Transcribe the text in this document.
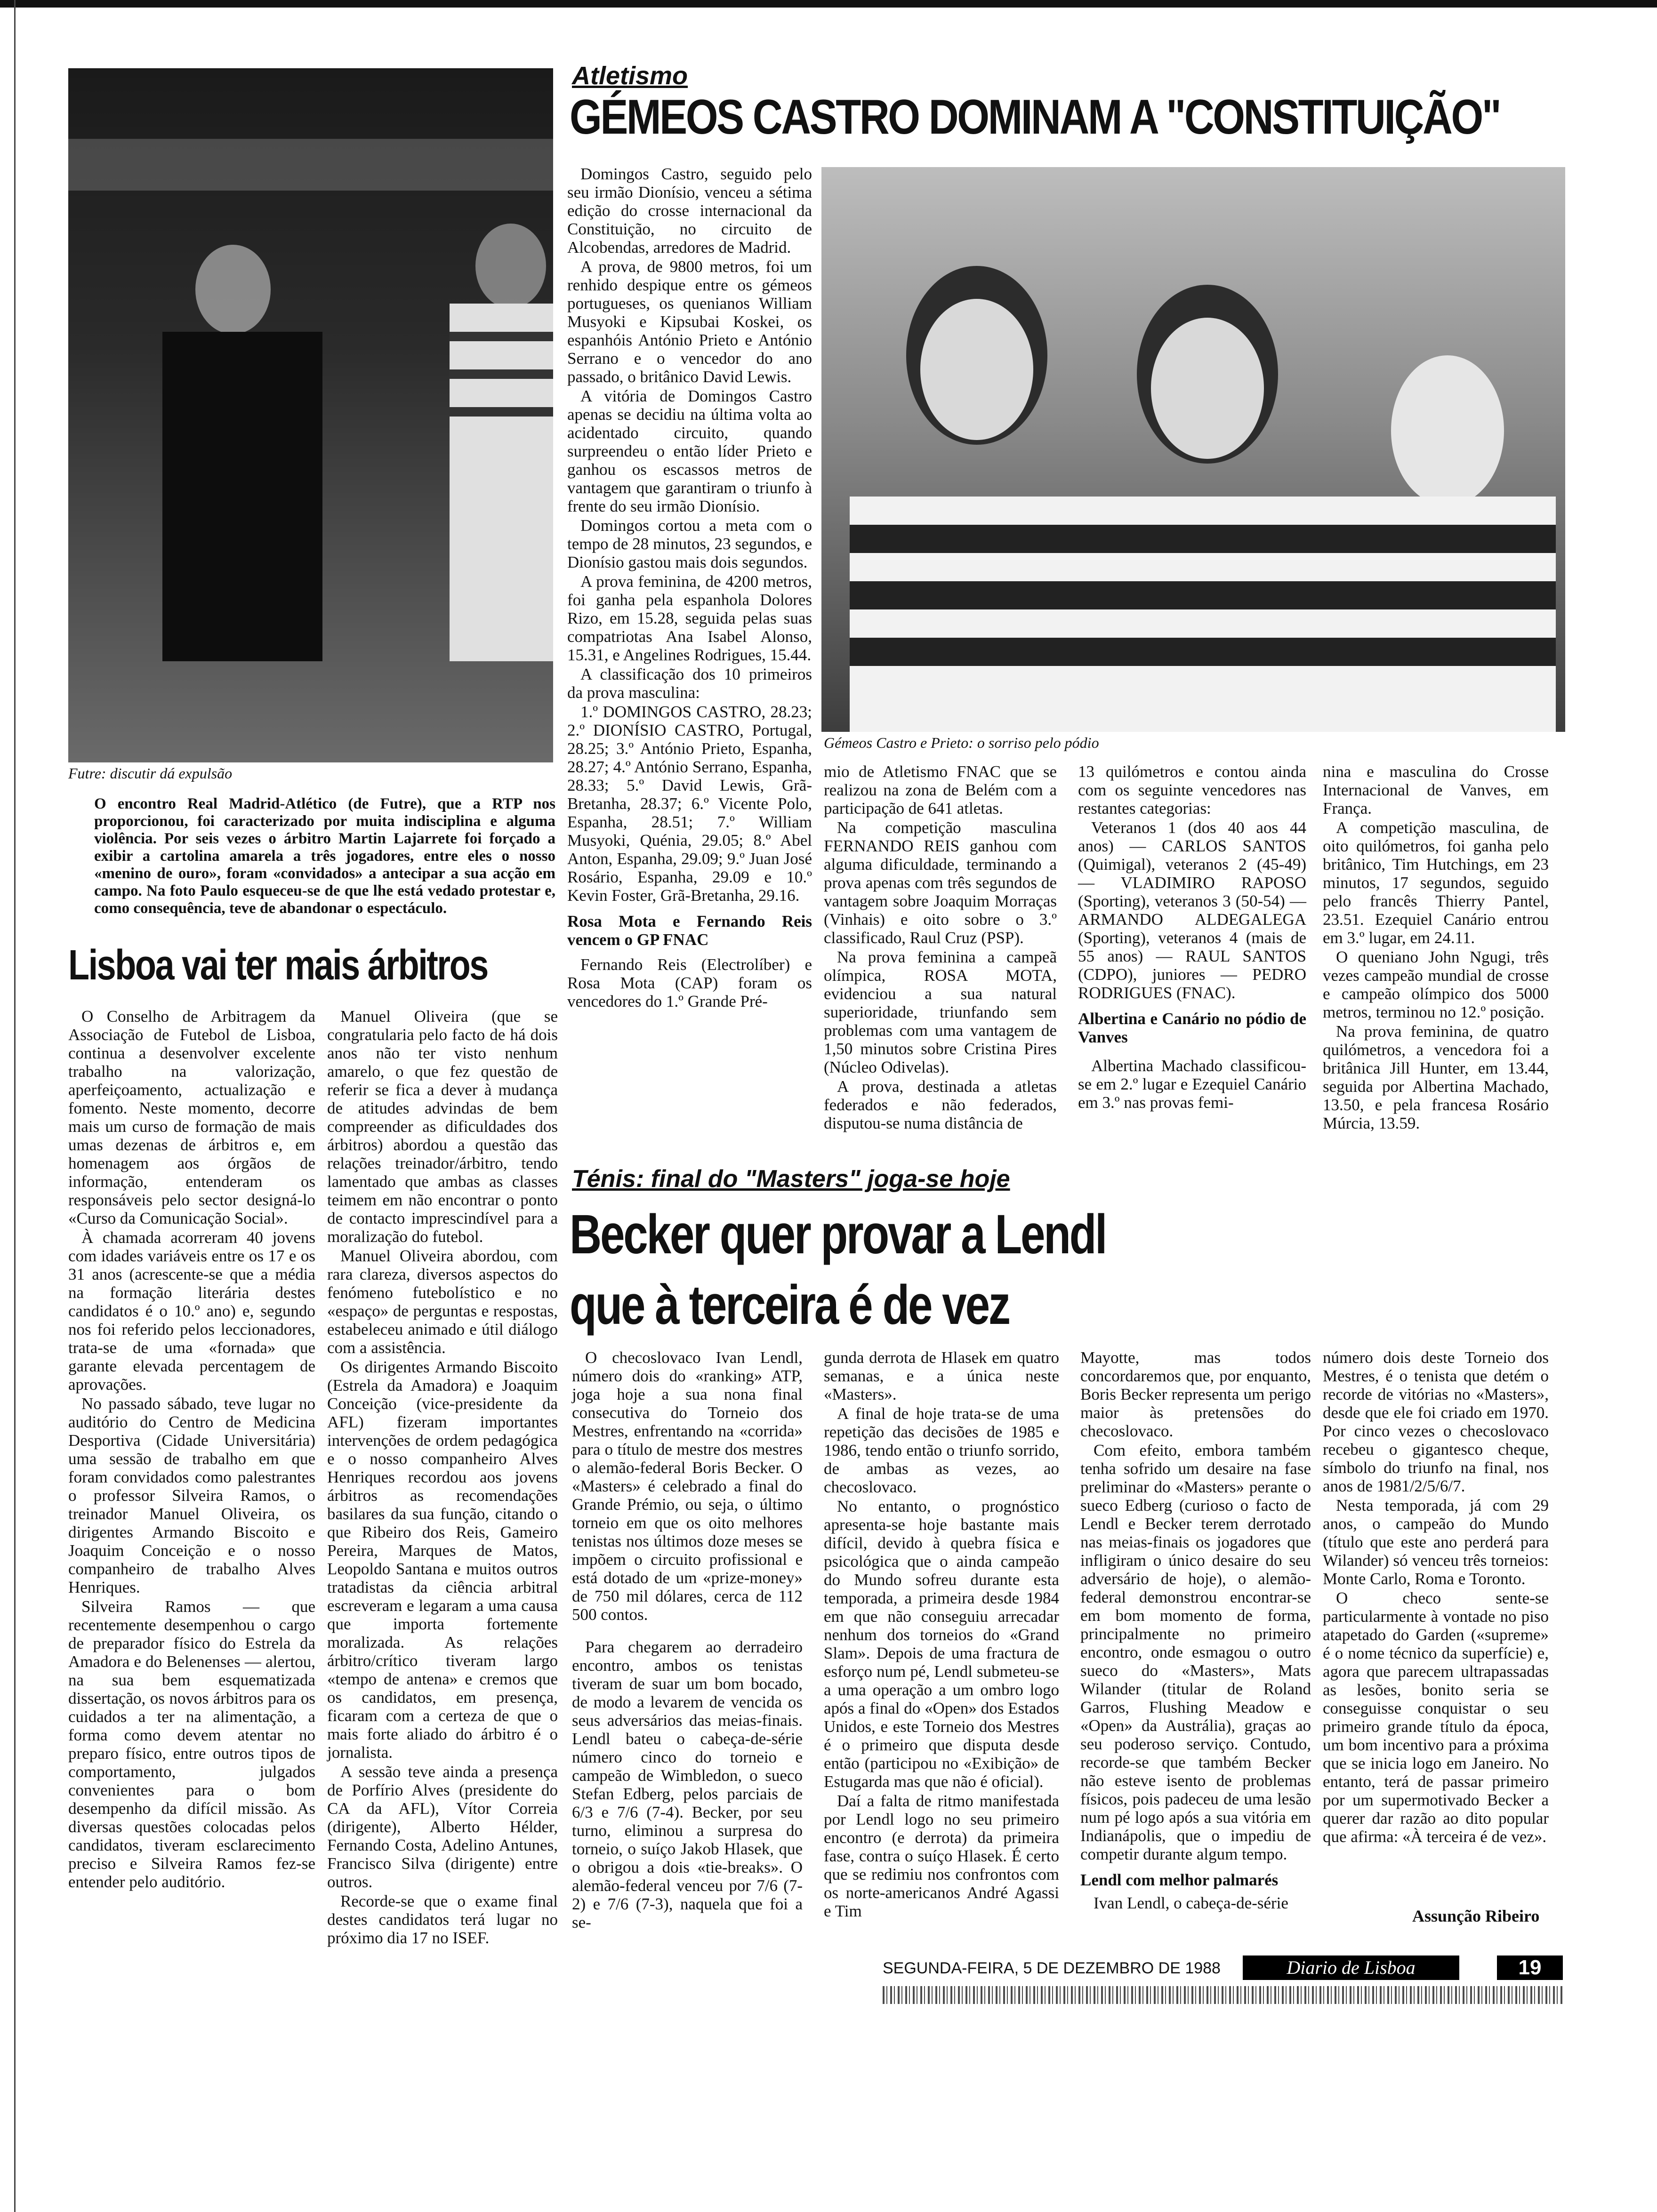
Futre: discutir dá expulsão
O encontro Real Madrid-Atlético (de Futre), que a RTP nos proporcionou, foi caracterizado por muita indisciplina e alguma violência. Por seis vezes o árbitro Martin Lajarrete foi forçado a exibir a cartolina amarela a três jogadores, entre eles o nosso «menino de ouro», foram «convidados» a antecipar a sua acção em campo. Na foto Paulo esqueceu-se de que lhe está vedado protestar e, como consequência, teve de abandonar o espectáculo.
Atletismo
GÉMEOS CASTRO DOMINAM A "CONSTITUIÇÃO"

Domingos Castro, seguido pelo seu irmão Dionísio, venceu a sétima edição do crosse internacional da Constituição, no circuito de Alcobendas, arredores de Madrid.

A prova, de 9800 metros, foi um renhido despique entre os gémeos portugueses, os quenianos William Musyoki e Kipsubai Koskei, os espanhóis António Prieto e António Serrano e o vencedor do ano passado, o britânico David Lewis.

A vitória de Domingos Castro apenas se decidiu na última volta ao acidentado circuito, quando surpreendeu o então líder Prieto e ganhou os escassos metros de vantagem que garantiram o triunfo à frente do seu irmão Dionísio.

Domingos cortou a meta com o tempo de 28 minutos, 23 segundos, e Dionísio gastou mais dois segundos.

A prova feminina, de 4200 metros, foi ganha pela espanhola Dolores Rizo, em 15.28, seguida pelas suas compatriotas Ana Isabel Alonso, 15.31, e Angelines Rodrigues, 15.44.

A classificação dos 10 primeiros da prova masculina:

1.º DOMINGOS CASTRO, 28.23; 2.º DIONÍSIO CASTRO, Portugal, 28.25; 3.º António Prieto, Espanha, 28.27; 4.º António Serrano, Espanha, 28.33; 5.º David Lewis, Grã-Bretanha, 28.37; 6.º Vicente Polo, Espanha, 28.51; 7.º William Musyoki, Quénia, 29.05; 8.º Abel Anton, Espanha, 29.09; 9.º Juan José Rosário, Espanha, 29.09 e 10.º Kevin Foster, Grã-Bretanha, 29.16.

Rosa Mota e Fernando Reis vencem o GP FNAC

Fernando Reis (Electrolíber) e Rosa Mota (CAP) foram os vencedores do 1.º Grande Pré-

Gémeos Castro e Prieto: o sorriso pelo pódio

mio de Atletismo FNAC que se realizou na zona de Belém com a participação de 641 atletas.

Na competição masculina FERNANDO REIS ganhou com alguma dificuldade, terminando a prova apenas com três segundos de vantagem sobre Joaquim Morraças (Vinhais) e oito sobre o 3.º classificado, Raul Cruz (PSP).

Na prova feminina a campeã olímpica, ROSA MOTA, evidenciou a sua natural superioridade, triunfando sem problemas com uma vantagem de 1,50 minutos sobre Cristina Pires (Núcleo Odivelas).

A prova, destinada a atletas federados e não federados, disputou-se numa distância de

13 quilómetros e contou ainda com os seguinte vencedores nas restantes categorias:

Veteranos 1 (dos 40 aos 44 anos) — CARLOS SANTOS (Quimigal), veteranos 2 (45-49) — VLADIMIRO RAPOSO (Sporting), veteranos 3 (50-54) — ARMANDO ALDEGALEGA (Sporting), veteranos 4 (mais de 55 anos) — RAUL SANTOS (CDPO), juniores — PEDRO RODRIGUES (FNAC).

Albertina e Canário no pódio de Vanves

Albertina Machado classificou-se em 2.º lugar e Ezequiel Canário em 3.º nas provas femi-

nina e masculina do Crosse Internacional de Vanves, em França.

A competição masculina, de oito quilómetros, foi ganha pelo britânico, Tim Hutchings, em 23 minutos, 17 segundos, seguido pelo francês Thierry Pantel, 23.51. Ezequiel Canário entrou em 3.º lugar, em 24.11.

O queniano John Ngugi, três vezes campeão mundial de crosse e campeão olímpico dos 5000 metros, terminou no 12.º posição.

Na prova feminina, de quatro quilómetros, a vencedora foi a britânica Jill Hunter, em 13.44, seguida por Albertina Machado, 13.50, e pela francesa Rosário Múrcia, 13.59.

Lisboa vai ter mais árbitros

O Conselho de Arbitragem da Associação de Futebol de Lisboa, continua a desenvolver excelente trabalho na valorização, aperfeiçoamento, actualização e fomento. Neste momento, decorre mais um curso de formação de mais umas dezenas de árbitros e, em homenagem aos órgãos de informação, entenderam os responsáveis pelo sector designá-lo «Curso da Comunicação Social».

À chamada acorreram 40 jovens com idades variáveis entre os 17 e os 31 anos (acrescente-se que a média na formação literária destes candidatos é o 10.º ano) e, segundo nos foi referido pelos leccionadores, trata-se de uma «fornada» que garante elevada percentagem de aprovações.

No passado sábado, teve lugar no auditório do Centro de Medicina Desportiva (Cidade Universitária) uma sessão de trabalho em que foram convidados como palestrantes o professor Silveira Ramos, o treinador Manuel Oliveira, os dirigentes Armando Biscoito e Joaquim Conceição e o nosso companheiro de trabalho Alves Henriques.

Silveira Ramos — que recentemente desempenhou o cargo de preparador físico do Estrela da Amadora e do Belenenses — alertou, na sua bem esquematizada dissertação, os novos árbitros para os cuidados a ter na alimentação, a forma como devem atentar no preparo físico, entre outros tipos de comportamento, julgados convenientes para o bom desempenho da difícil missão. As diversas questões colocadas pelos candidatos, tiveram esclarecimento preciso e Silveira Ramos fez-se entender pelo auditório.

Manuel Oliveira (que se congratularia pelo facto de há dois anos não ter visto nenhum amarelo, o que fez questão de referir se fica a dever à mudança de atitudes advindas de bem compreender as dificuldades dos árbitros) abordou a questão das relações treinador/árbitro, tendo lamentado que ambas as classes teimem em não encontrar o ponto de contacto imprescindível para a moralização do futebol.

Manuel Oliveira abordou, com rara clareza, diversos aspectos do fenómeno futebolístico e no «espaço» de perguntas e respostas, estabeleceu animado e útil diálogo com a assistência.

Os dirigentes Armando Biscoito (Estrela da Amadora) e Joaquim Conceição (vice-presidente da AFL) fizeram importantes intervenções de ordem pedagógica e o nosso companheiro Alves Henriques recordou aos jovens árbitros as recomendações basilares da sua função, citando o que Ribeiro dos Reis, Gameiro Pereira, Marques de Matos, Leopoldo Santana e muitos outros tratadistas da ciência arbitral escreveram e legaram a uma causa que importa fortemente moralizada. As relações árbitro/crítico tiveram largo «tempo de antena» e cremos que os candidatos, em presença, ficaram com a certeza de que o mais forte aliado do árbitro é o jornalista.

A sessão teve ainda a presença de Porfírio Alves (presidente do CA da AFL), Vítor Correia (dirigente), Alberto Hélder, Fernando Costa, Adelino Antunes, Francisco Silva (dirigente) entre outros.

Recorde-se que o exame final destes candidatos terá lugar no próximo dia 17 no ISEF.

Ténis: final do "Masters" joga-se hoje
Becker quer provar a Lendl
que à terceira é de vez

O checoslovaco Ivan Lendl, número dois do «ranking» ATP, joga hoje a sua nona final consecutiva do Torneio dos Mestres, enfrentando na «corrida» para o título de mestre dos mestres o alemão-federal Boris Becker. O «Masters» é celebrado a final do Grande Prémio, ou seja, o último torneio em que os oito melhores tenistas nos últimos doze meses se impõem o circuito profissional e está dotado de um «prize-money» de 750 mil dólares, cerca de 112 500 contos.

Para chegarem ao derradeiro encontro, ambos os tenistas tiveram de suar um bom bocado, de modo a levarem de vencida os seus adversários das meias-finais. Lendl bateu o cabeça-de-série número cinco do torneio e campeão de Wimbledon, o sueco Stefan Edberg, pelos parciais de 6/3 e 7/6 (7-4). Becker, por seu turno, eliminou a surpresa do torneio, o suíço Jakob Hlasek, que o obrigou a dois «tie-breaks». O alemão-federal venceu por 7/6 (7-2) e 7/6 (7-3), naquela que foi a se-

gunda derrota de Hlasek em quatro semanas, e a única neste «Masters».

A final de hoje trata-se de uma repetição das decisões de 1985 e 1986, tendo então o triunfo sorrido, de ambas as vezes, ao checoslovaco.

No entanto, o prognóstico apresenta-se hoje bastante mais difícil, devido à quebra física e psicológica que o ainda campeão do Mundo sofreu durante esta temporada, a primeira desde 1984 em que não conseguiu arrecadar nenhum dos torneios do «Grand Slam». Depois de uma fractura de esforço num pé, Lendl submeteu-se a uma operação a um ombro logo após a final do «Open» dos Estados Unidos, e este Torneio dos Mestres é o primeiro que disputa desde então (participou no «Exibição» de Estugarda mas que não é oficial).

Daí a falta de ritmo manifestada por Lendl logo no seu primeiro encontro (e derrota) da primeira fase, contra o suíço Hlasek. É certo que se redimiu nos confrontos com os norte-americanos André Agassi e Tim

Mayotte, mas todos concordaremos que, por enquanto, Boris Becker representa um perigo maior às pretensões do checoslovaco.

Com efeito, embora também tenha sofrido um desaire na fase preliminar do «Masters» perante o sueco Edberg (curioso o facto de Lendl e Becker terem derrotado nas meias-finais os jogadores que infligiram o único desaire do seu adversário de hoje), o alemão-federal demonstrou encontrar-se em bom momento de forma, principalmente no primeiro encontro, onde esmagou o outro sueco do «Masters», Mats Wilander (titular de Roland Garros, Flushing Meadow e «Open» da Austrália), graças ao seu poderoso serviço. Contudo, recorde-se que também Becker não esteve isento de problemas físicos, pois padeceu de uma lesão num pé logo após a sua vitória em Indianápolis, que o impediu de competir durante algum tempo.

Lendl com melhor palmarés

Ivan Lendl, o cabeça-de-série

número dois deste Torneio dos Mestres, é o tenista que detém o recorde de vitórias no «Masters», desde que ele foi criado em 1970. Por cinco vezes o checoslovaco recebeu o gigantesco cheque, símbolo do triunfo na final, nos anos de 1981/2/5/6/7.

Nesta temporada, já com 29 anos, o campeão do Mundo (título que este ano perderá para Wilander) só venceu três torneios: Monte Carlo, Roma e Toronto.

O checo sente-se particularmente à vontade no piso atapetado do Garden («supreme» é o nome técnico da superfície) e, agora que parecem ultrapassadas as lesões, bonito seria se conseguisse conquistar o seu primeiro grande título da época, um bom incentivo para a próxima que se inicia logo em Janeiro. No entanto, terá de passar primeiro por um supermotivado Becker a querer dar razão ao dito popular que afirma: «À terceira é de vez».

Assunção Ribeiro
SEGUNDA-FEIRA, 5 DE DEZEMBRO DE 1988	Diario de Lisboa	19
